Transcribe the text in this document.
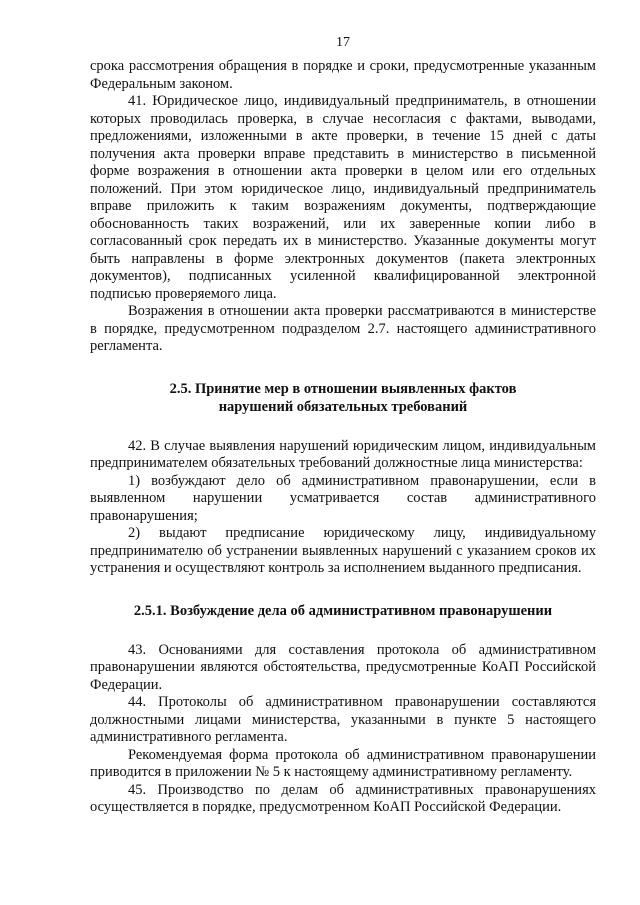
17

срока рассмотрения обращения в порядке и сроки, предусмотренные указанным Федеральным законом.

41. Юридическое лицо, индивидуальный предприниматель, в отношении которых проводилась проверка, в случае несогласия с фактами, выводами, предложениями, изложенными в акте проверки, в течение 15 дней с даты получения акта проверки вправе представить в министерство в письменной форме возражения в отношении акта проверки в целом или его отдельных положений. При этом юридическое лицо, индивидуальный предприниматель вправе приложить к таким возражениям документы, подтверждающие обоснованность таких возражений, или их заверенные копии либо в согласованный срок передать их в министерство. Указанные документы могут быть направлены в форме электронных документов (пакета электронных документов), подписанных усиленной квалифицированной электронной подписью проверяемого лица.

Возражения в отношении акта проверки рассматриваются в министерстве в порядке, предусмотренном подразделом 2.7. настоящего административного регламента.

2.5. Принятие мер в отношении выявленных фактов
нарушений обязательных требований

42. В случае выявления нарушений юридическим лицом, индивидуальным предпринимателем обязательных требований должностные лица министерства:

1) возбуждают дело об административном правонарушении, если в выявленном нарушении усматривается состав административного правонарушения;

2) выдают предписание юридическому лицу, индивидуальному предпринимателю об устранении выявленных нарушений с указанием сроков их устранения и осуществляют контроль за исполнением выданного предписания.

2.5.1. Возбуждение дела об административном правонарушении

43. Основаниями для составления протокола об административном правонарушении являются обстоятельства, предусмотренные КоАП Российской Федерации.

44. Протоколы об административном правонарушении составляются должностными лицами министерства, указанными в пункте 5 настоящего административного регламента.

Рекомендуемая форма протокола об административном правонарушении приводится в приложении № 5 к настоящему административному регламенту.

45. Производство по делам об административных правонарушениях осуществляется в порядке, предусмотренном КоАП Российской Федерации.
